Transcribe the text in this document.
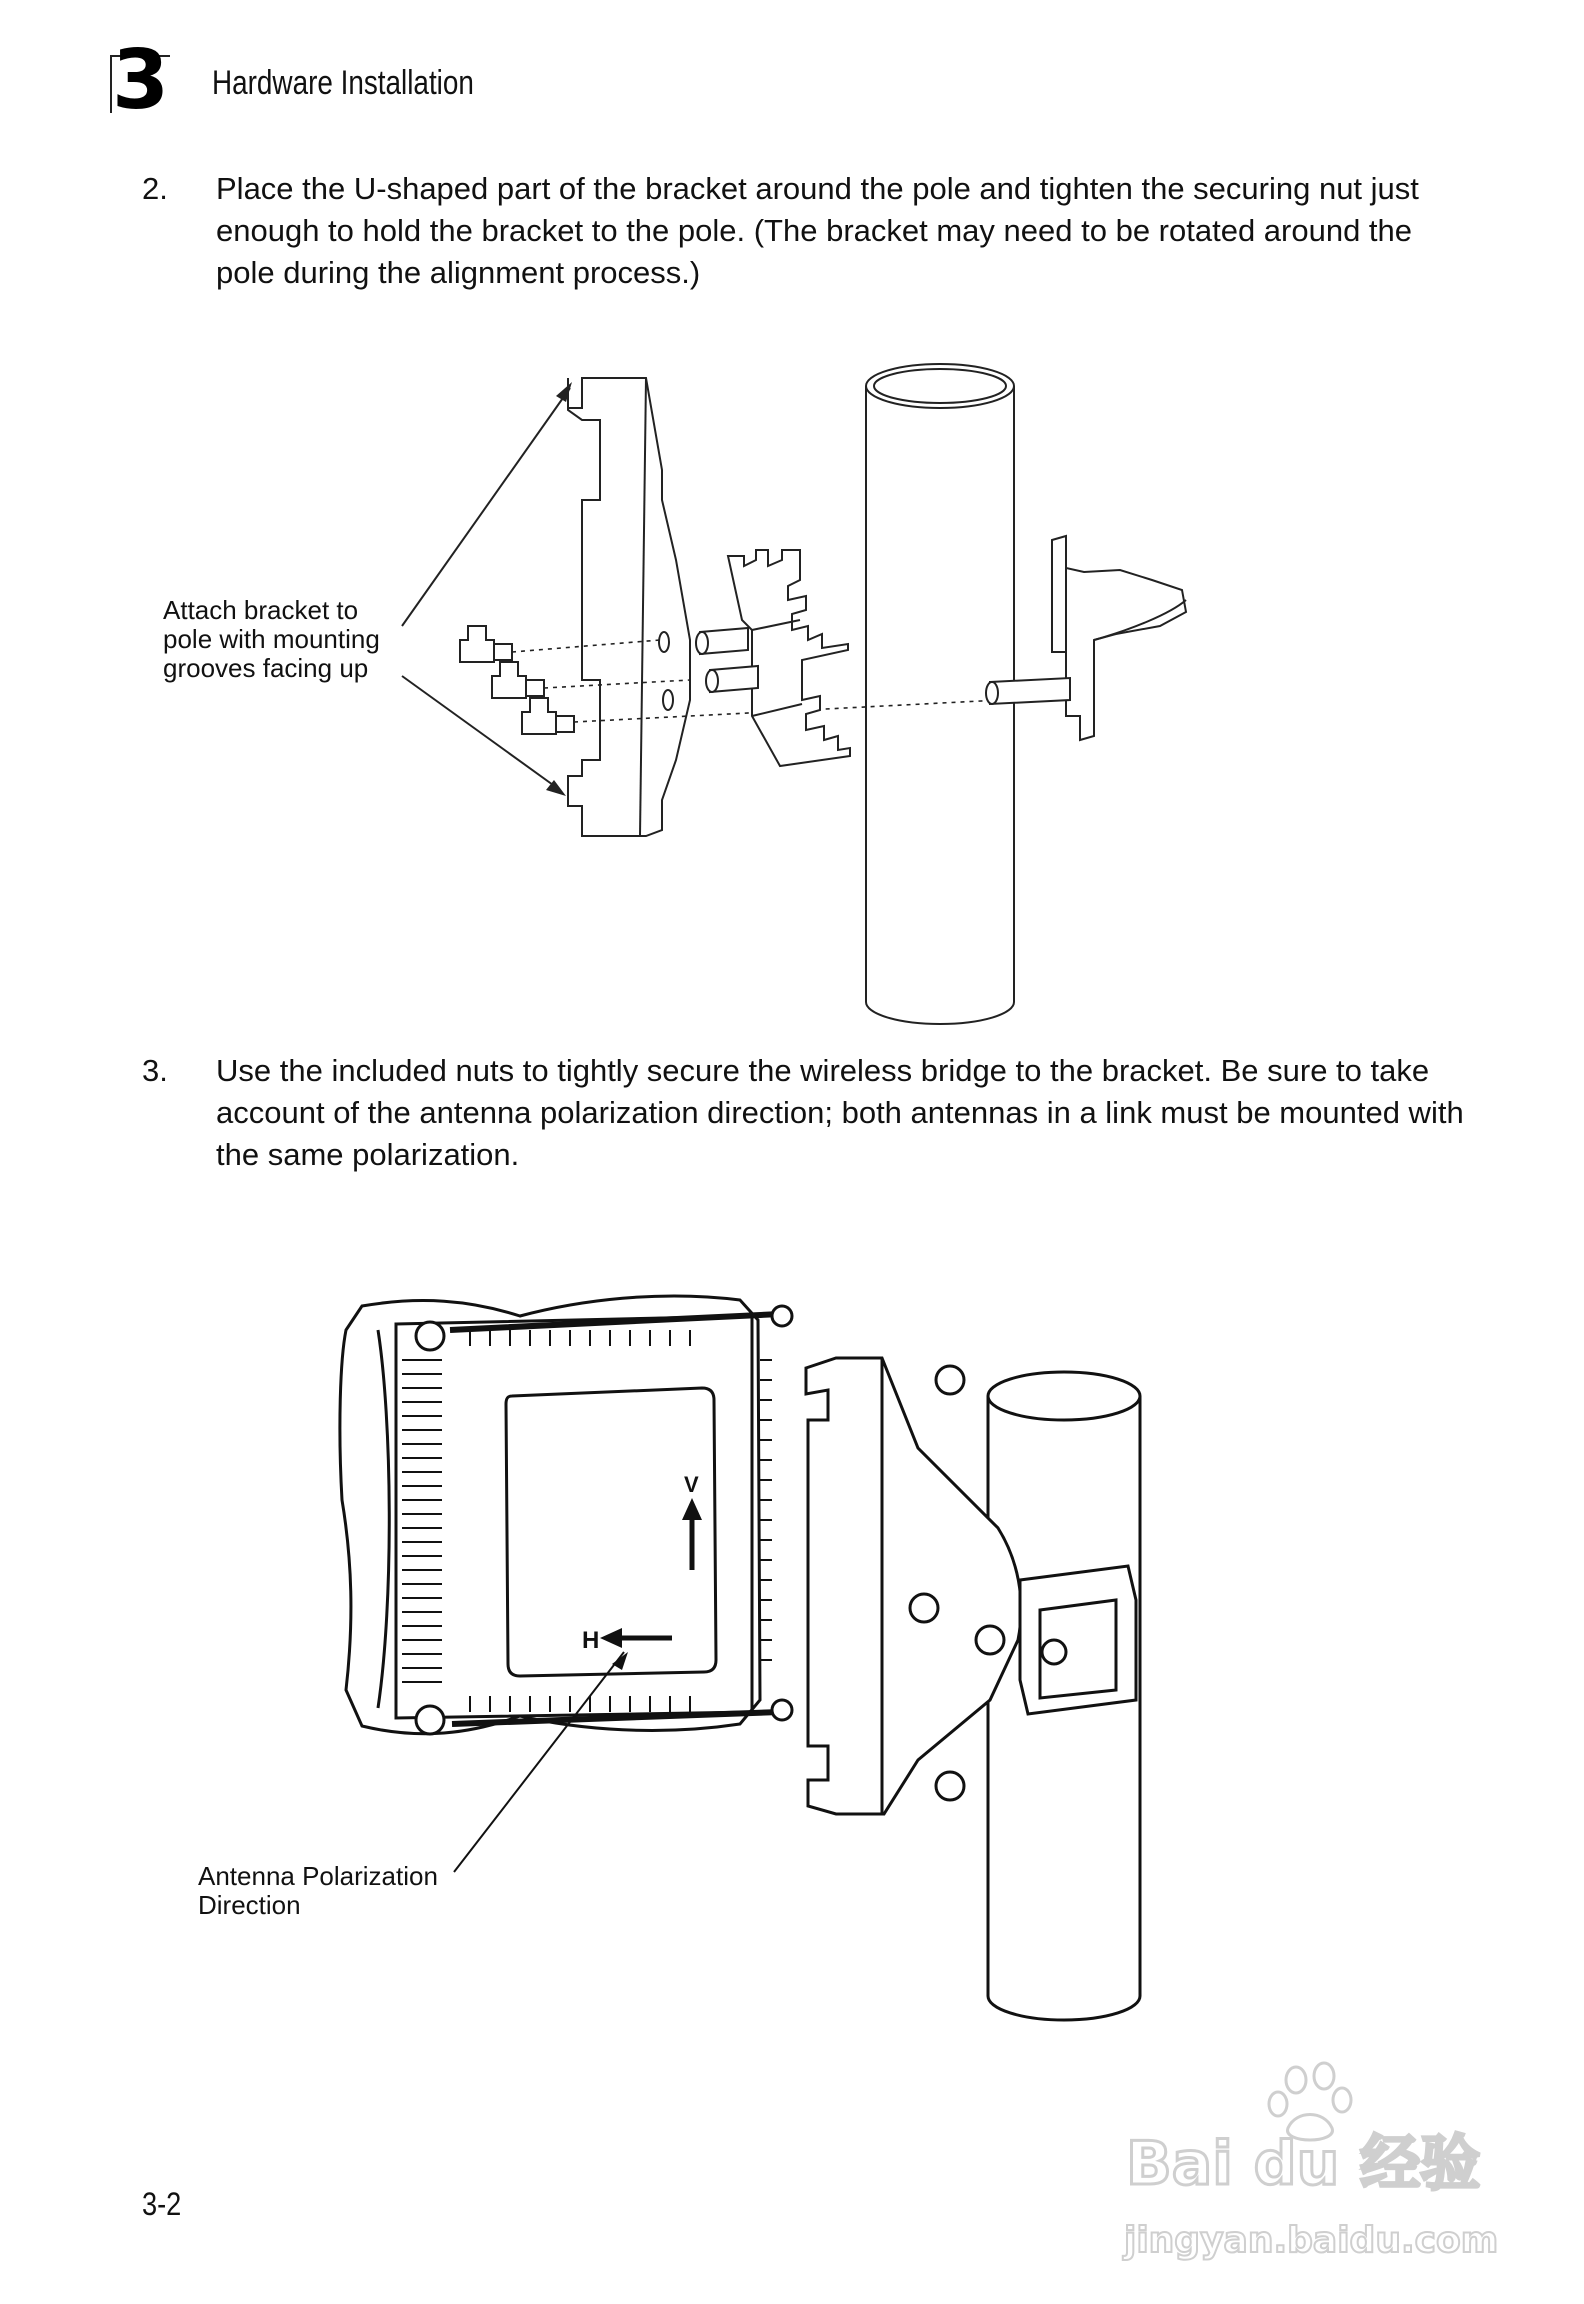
3 Hardware Installation
2. Place the U-shaped part of the bracket around the pole and tighten the securing nut just enough to hold the bracket to the pole. (The bracket may need to be rotated around the pole during the alignment process.)
Attach bracket to
pole with mounting
grooves facing up
3. Use the included nuts to tightly secure the wireless bridge to the bracket. Be sure to take account of the antenna polarization direction; both antennas in a link must be mounted with the same polarization.
V
H
Antenna Polarization
Direction
3-2
Bai du 经验
jingyan.baidu.com
